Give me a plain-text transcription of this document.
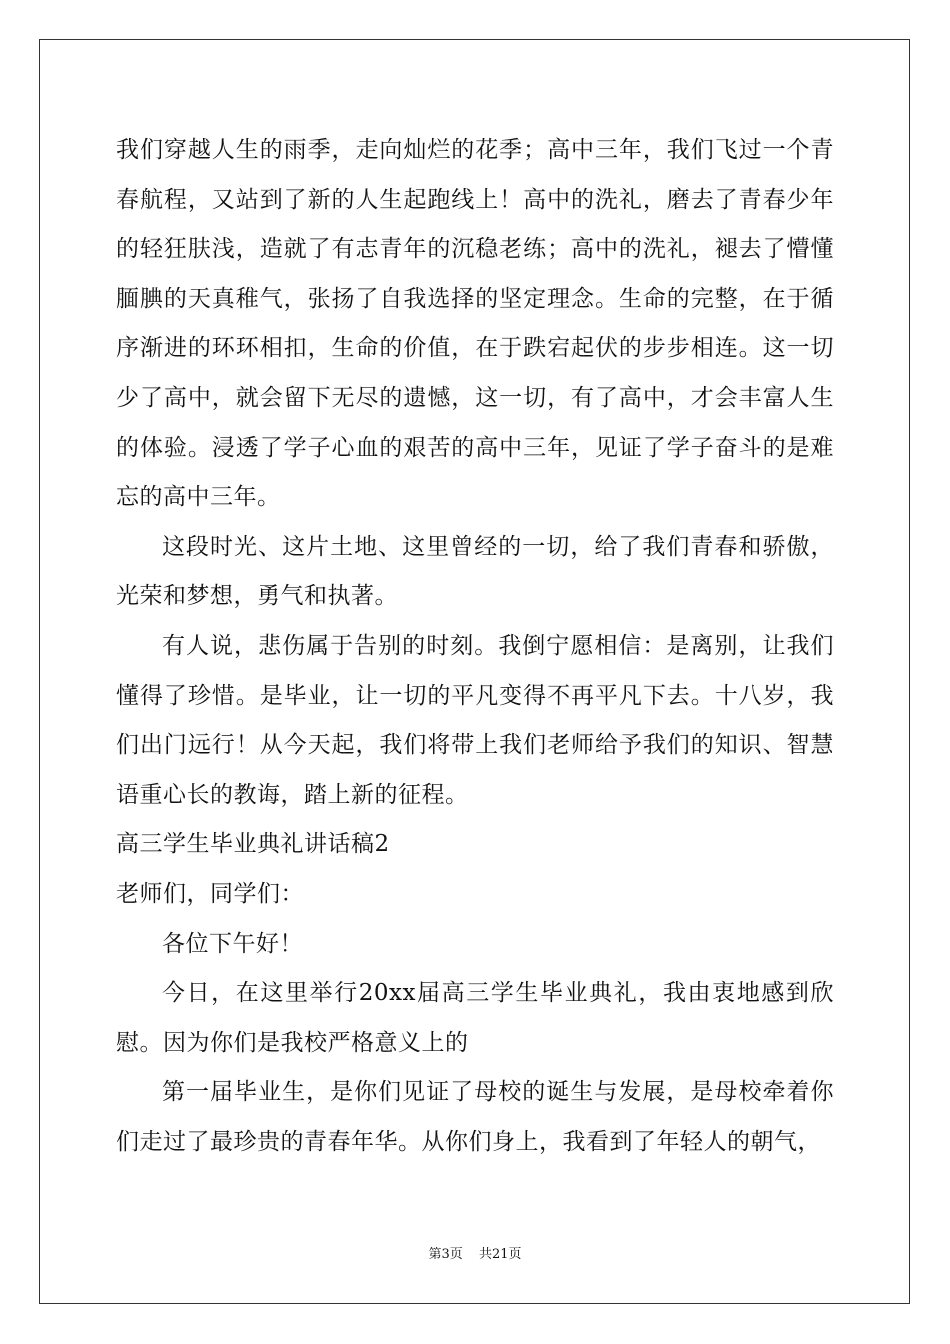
我们穿越人生的雨季，走向灿烂的花季；高中三年，我们飞过一个青春航程，又站到了新的人生起跑线上！高中的洗礼，磨去了青春少年的轻狂肤浅，造就了有志青年的沉稳老练；高中的洗礼，褪去了懵懂腼腆的天真稚气，张扬了自我选择的坚定理念。生命的完整，在于循序渐进的环环相扣，生命的价值，在于跌宕起伏的步步相连。这一切少了高中，就会留下无尽的遗憾，这一切，有了高中，才会丰富人生的体验。浸透了学子心血的艰苦的高中三年，见证了学子奋斗的是难忘的高中三年。

这段时光、这片土地、这里曾经的一切，给了我们青春和骄傲，光荣和梦想，勇气和执著。

有人说，悲伤属于告别的时刻。我倒宁愿相信：是离别，让我们懂得了珍惜。是毕业，让一切的平凡变得不再平凡下去。十八岁，我们出门远行！从今天起，我们将带上我们老师给予我们的知识、智慧语重心长的教诲，踏上新的征程。

高三学生毕业典礼讲话稿2

老师们，同学们：

各位下午好！

今日，在这里举行20xx届高三学生毕业典礼，我由衷地感到欣慰。因为你们是我校严格意义上的

第一届毕业生，是你们见证了母校的诞生与发展，是母校牵着你们走过了最珍贵的青春年华。从你们身上，我看到了年轻人的朝气，

第3页 共21页
